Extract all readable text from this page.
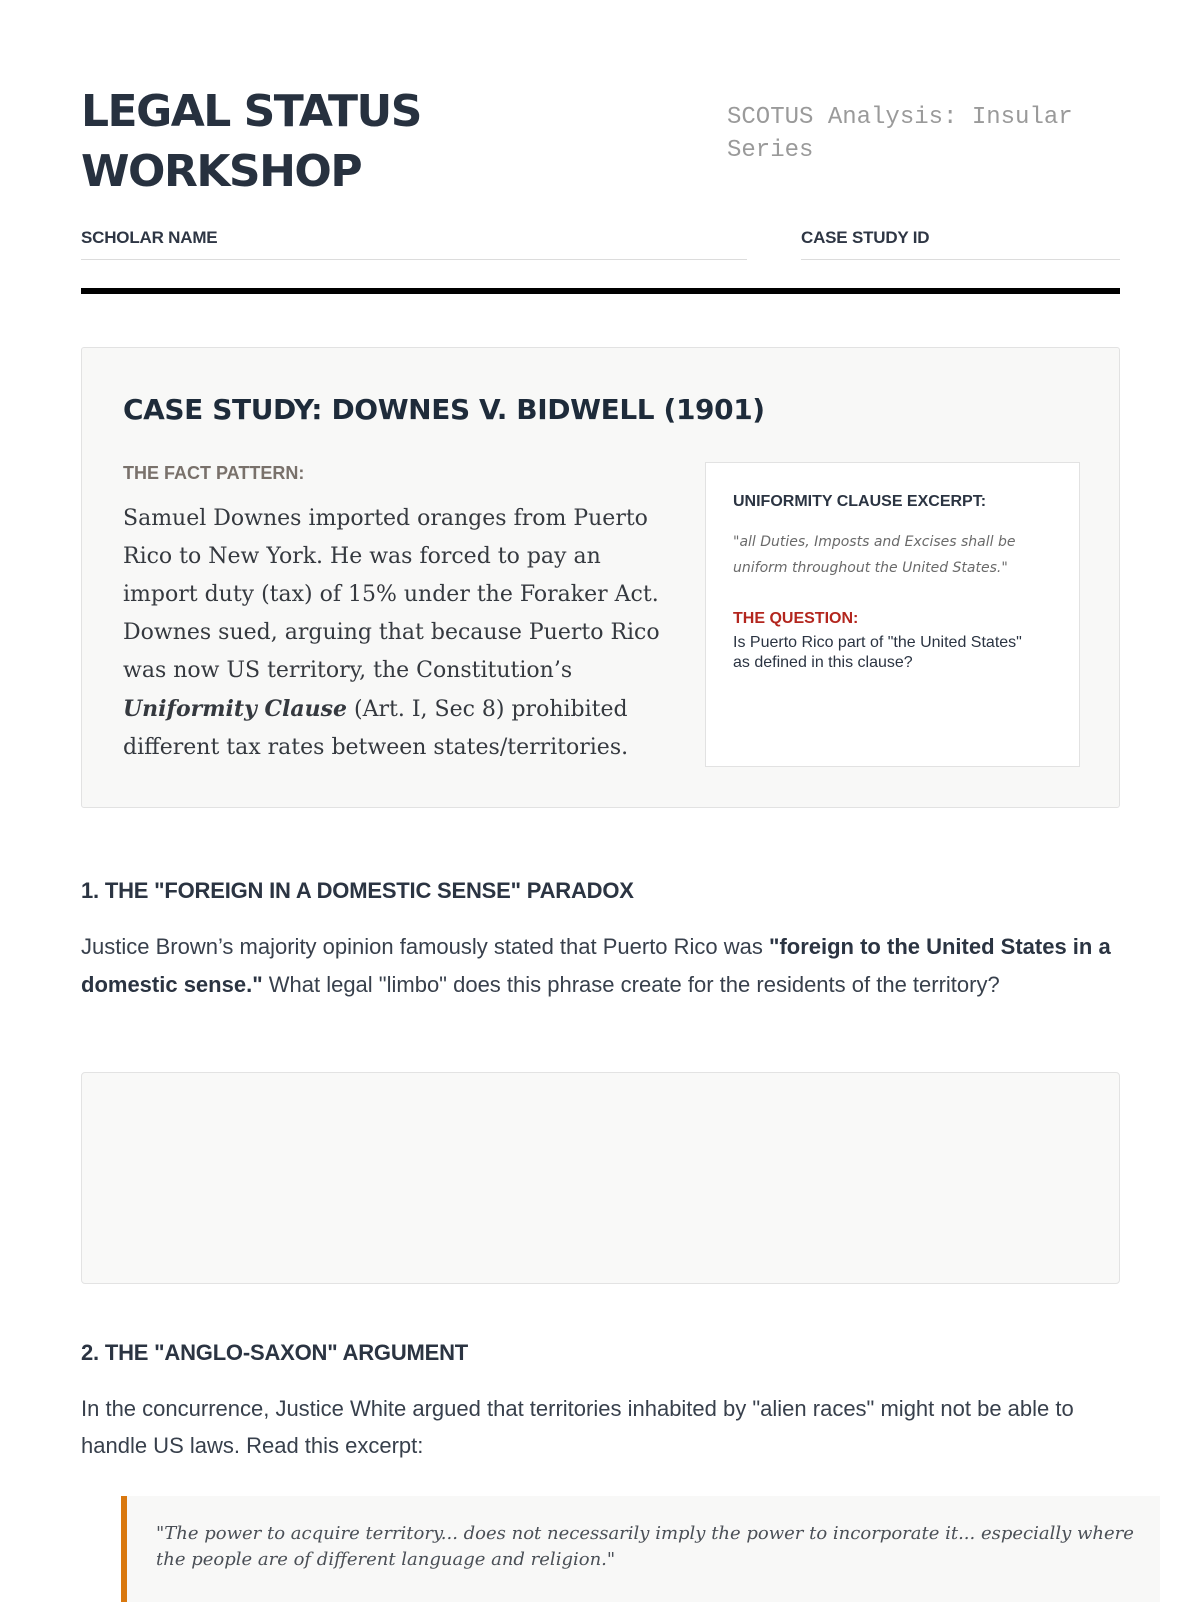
LEGAL STATUS
WORKSHOP

SCOTUS Analysis: Insular Series

SCHOLAR NAME	CASE STUDY ID
CASE STUDY: DOWNES V. BIDWELL (1901)
THE FACT PATTERN:

Samuel Downes imported oranges from Puerto Rico to New York. He was forced to pay an import duty (tax) of 15% under the Foraker Act. Downes sued, arguing that because Puerto Rico was now US territory, the Constitution’s Uniformity Clause (Art. I, Sec 8) prohibited different tax rates between states/territories.

UNIFORMITY CLAUSE EXCERPT:

"all Duties, Imposts and Excises shall be uniform throughout the United States."

THE QUESTION:

Is Puerto Rico part of "the United States" as defined in this clause?

1. THE "FOREIGN IN A DOMESTIC SENSE" PARADOX

Justice Brown’s majority opinion famously stated that Puerto Rico was "foreign to the United States in a domestic sense." What legal "limbo" does this phrase create for the residents of the territory?

2. THE "ANGLO-SAXON" ARGUMENT

In the concurrence, Justice White argued that territories inhabited by "alien races" might not be able to handle US laws. Read this excerpt:

"The power to acquire territory... does not necessarily imply the power to incorporate it... especially where the people are of different language and religion."
